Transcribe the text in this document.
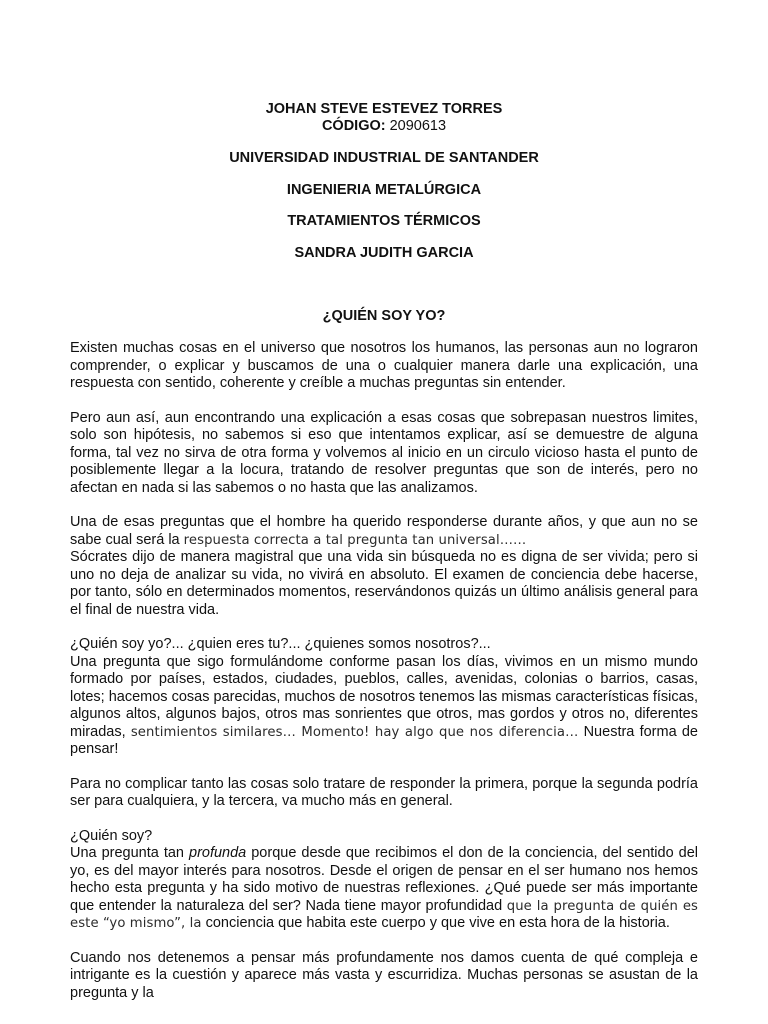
JOHAN STEVE ESTEVEZ TORRES
CÓDIGO: 2090613
UNIVERSIDAD INDUSTRIAL DE SANTANDER
INGENIERIA METALÚRGICA
TRATAMIENTOS TÉRMICOS
SANDRA JUDITH GARCIA
¿QUIÉN SOY YO?

Existen muchas cosas en el universo que nosotros los humanos, las personas aun no lograron comprender, o explicar y buscamos de una o cualquier manera darle una explicación, una respuesta con sentido, coherente y creíble a muchas preguntas sin entender.

Pero aun así, aun encontrando una explicación a esas cosas que sobrepasan nuestros limites, solo son hipótesis, no sabemos si eso que intentamos explicar, así se demuestre de alguna forma, tal vez no sirva de otra forma y volvemos al inicio en un circulo vicioso hasta el punto de posiblemente llegar a la locura, tratando de resolver preguntas que son de interés, pero no afectan en nada si las sabemos o no hasta que las analizamos.

Una de esas preguntas que el hombre ha querido responderse durante años, y que aun no se sabe cual será la respuesta correcta a tal pregunta tan universal……

Sócrates dijo de manera magistral que una vida sin búsqueda no es digna de ser vivida; pero si uno no deja de analizar su vida, no vivirá en absoluto. El examen de conciencia debe hacerse, por tanto, sólo en determinados momentos, reservándonos quizás un último análisis general para el final de nuestra vida.

¿Quién soy yo?... ¿quien eres tu?... ¿quienes somos nosotros?...

Una pregunta que sigo formulándome conforme pasan los días, vivimos en un mismo mundo formado por países, estados, ciudades, pueblos, calles, avenidas, colonias o barrios, casas, lotes; hacemos cosas parecidas, muchos de nosotros tenemos las mismas características físicas, algunos altos, algunos bajos, otros mas sonrientes que otros, mas gordos y otros no, diferentes miradas, sentimientos similares… Momento! hay algo que nos diferencia… Nuestra forma de pensar!

Para no complicar tanto las cosas solo tratare de responder la primera, porque la segunda podría ser para cualquiera, y la tercera, va mucho más en general.

¿Quién soy?

Una pregunta tan profunda porque desde que recibimos el don de la conciencia, del sentido del yo, es del mayor interés para nosotros. Desde el origen de pensar en el ser humano nos hemos hecho esta pregunta y ha sido motivo de nuestras reflexiones. ¿Qué puede ser más importante que entender la naturaleza del ser? Nada tiene mayor profundidad que la pregunta de quién es este “yo mismo”, la conciencia que habita este cuerpo y que vive en esta hora de la historia.

Cuando nos detenemos a pensar más profundamente nos damos cuenta de qué compleja e intrigante es la cuestión y aparece más vasta y escurridiza. Muchas personas se asustan de la pregunta y la
